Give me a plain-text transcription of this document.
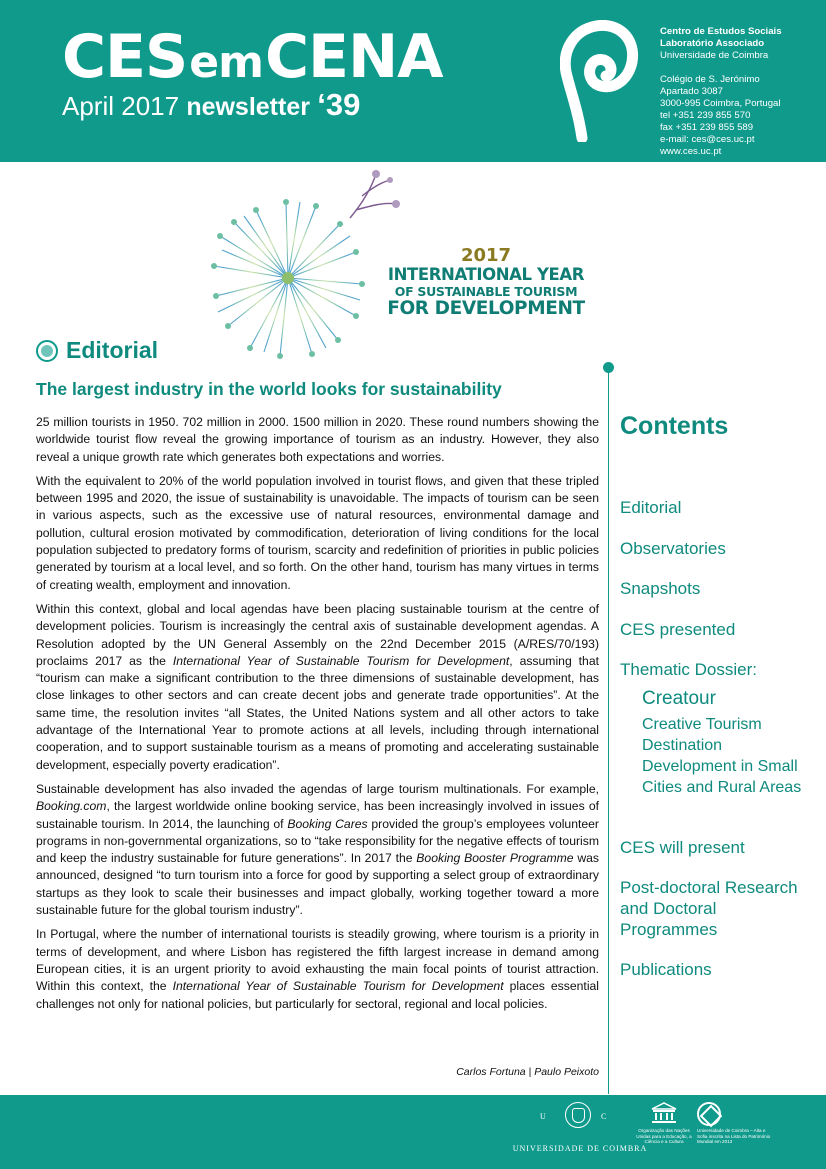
CESemCENA
April 2017 newsletter ‘39
Centro de Estudos Sociais
Laboratório Associado
Universidade de Coimbra
Colégio de S. Jerónimo
Apartado 3087
3000-995 Coimbra, Portugal
tel +351 239 855 570
fax +351 239 855 589
e-mail: ces@ces.uc.pt
www.ces.uc.pt
2017
INTERNATIONAL YEAR
OF SUSTAINABLE TOURISM
FOR DEVELOPMENT
Editorial
The largest industry in the world looks for sustainability

25 million tourists in 1950. 702 million in 2000. 1500 million in 2020. These round numbers showing the worldwide tourist flow reveal the growing importance of tourism as an industry. However, they also reveal a unique growth rate which generates both expectations and worries.

With the equivalent to 20% of the world population involved in tourist flows, and given that these tripled between 1995 and 2020, the issue of sustainability is unavoidable. The impacts of tourism can be seen in various aspects, such as the excessive use of natural resources, environmental damage and pollution, cultural erosion motivated by commodification, deterioration of living conditions for the local population subjected to predatory forms of tourism, scarcity and redefinition of priorities in public policies generated by tourism at a local level, and so forth. On the other hand, tourism has many virtues in terms of creating wealth, employment and innovation.

Within this context, global and local agendas have been placing sustainable tourism at the centre of development policies. Tourism is increasingly the central axis of sustainable development agendas. A Resolution adopted by the UN General Assembly on the 22nd December 2015 (A/RES/70/193) proclaims 2017 as the International Year of Sustainable Tourism for Development, assuming that “tourism can make a significant contribution to the three dimensions of sustainable development, has close linkages to other sectors and can create decent jobs and generate trade opportunities”. At the same time, the resolution invites “all States, the United Nations system and all other actors to take advantage of the International Year to promote actions at all levels, including through international cooperation, and to support sustainable tourism as a means of promoting and accelerating sustainable development, especially poverty eradication”.

Sustainable development has also invaded the agendas of large tourism multinationals. For example, Booking.com, the largest worldwide online booking service, has been increasingly involved in issues of sustainable tourism. In 2014, the launching of Booking Cares provided the group’s employees volunteer programs in non-governmental organizations, so to “take responsibility for the negative effects of tourism and keep the industry sustainable for future generations”. In 2017 the Booking Booster Programme was announced, designed “to turn tourism into a force for good by supporting a select group of extraordinary startups as they look to scale their businesses and impact globally, working together toward a more sustainable future for the global tourism industry”.

In Portugal, where the number of international tourists is steadily growing, where tourism is a priority in terms of development, and where Lisbon has registered the fifth largest increase in demand among European cities, it is an urgent priority to avoid exhausting the main focal points of tourist attraction. Within this context, the International Year of Sustainable Tourism for Development places essential challenges not only for national policies, but particularly for sectoral, regional and local policies.

Carlos Fortuna | Paulo Peixoto
Contents
Editorial
Observatories
Snapshots
CES presented
Thematic Dossier:
Creatour
Creative Tourism Destination Development in Small Cities and Rural Areas
CES will present
Post-doctoral Research and Doctoral Programmes
Publications
U	C
UNIVERSIDADE DE COIMBRA
Organização das Nações Unidas para a Educação, a Ciência e a Cultura
Universidade de Coimbra – Alta e Sofia inscrita na Lista do Património Mundial em 2013
